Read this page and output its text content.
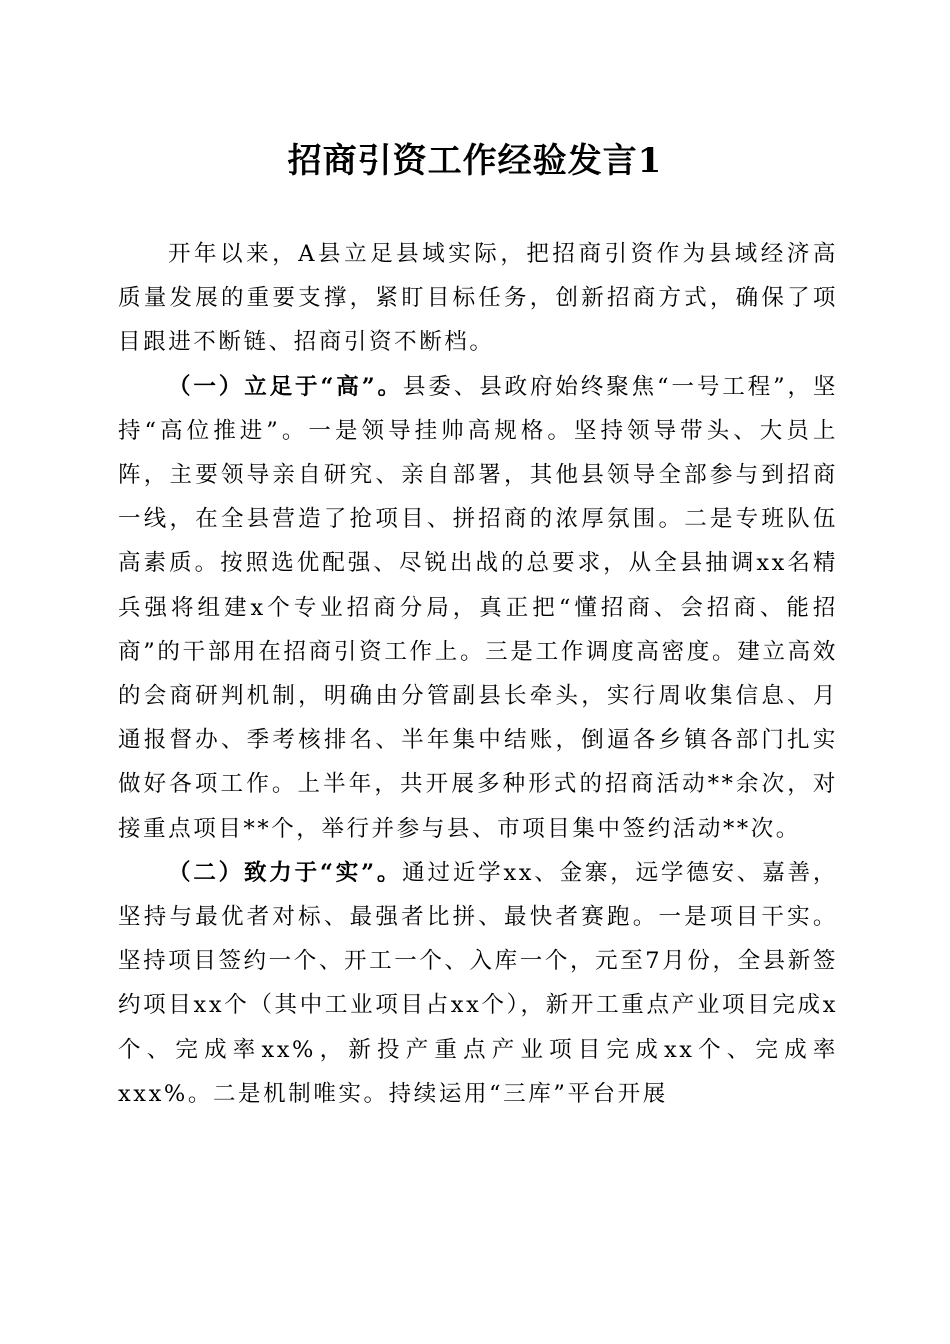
招商引资工作经验发言1

开年以来，A县立足县域实际，把招商引资作为县域经济高质量发展的重要支撑，紧盯目标任务，创新招商方式，确保了项目跟进不断链、招商引资不断档。

（一）立足于“高”。县委、县政府始终聚焦“一号工程”，坚持“高位推进”。一是领导挂帅高规格。坚持领导带头、大员上阵，主要领导亲自研究、亲自部署，其他县领导全部参与到招商一线，在全县营造了抢项目、拼招商的浓厚氛围。二是专班队伍高素质。按照选优配强、尽锐出战的总要求，从全县抽调xx名精兵强将组建x个专业招商分局，真正把“懂招商、会招商、能招商”的干部用在招商引资工作上。三是工作调度高密度。建立高效的会商研判机制，明确由分管副县长牵头，实行周收集信息、月通报督办、季考核排名、半年集中结账，倒逼各乡镇各部门扎实做好各项工作。上半年，共开展多种形式的招商活动**余次，对接重点项目**个，举行并参与县、市项目集中签约活动**次。

（二）致力于“实”。通过近学xx、金寨，远学德安、嘉善，坚持与最优者对标、最强者比拼、最快者赛跑。一是项目干实。坚持项目签约一个、开工一个、入库一个，元至7月份，全县新签约项目xx个（其中工业项目占xx个），新开工重点产业项目完成x个、完成率xx%，新投产重点产业项目完成xx个、完成率xxx%。二是机制唯实。持续运用“三库”平台开展
